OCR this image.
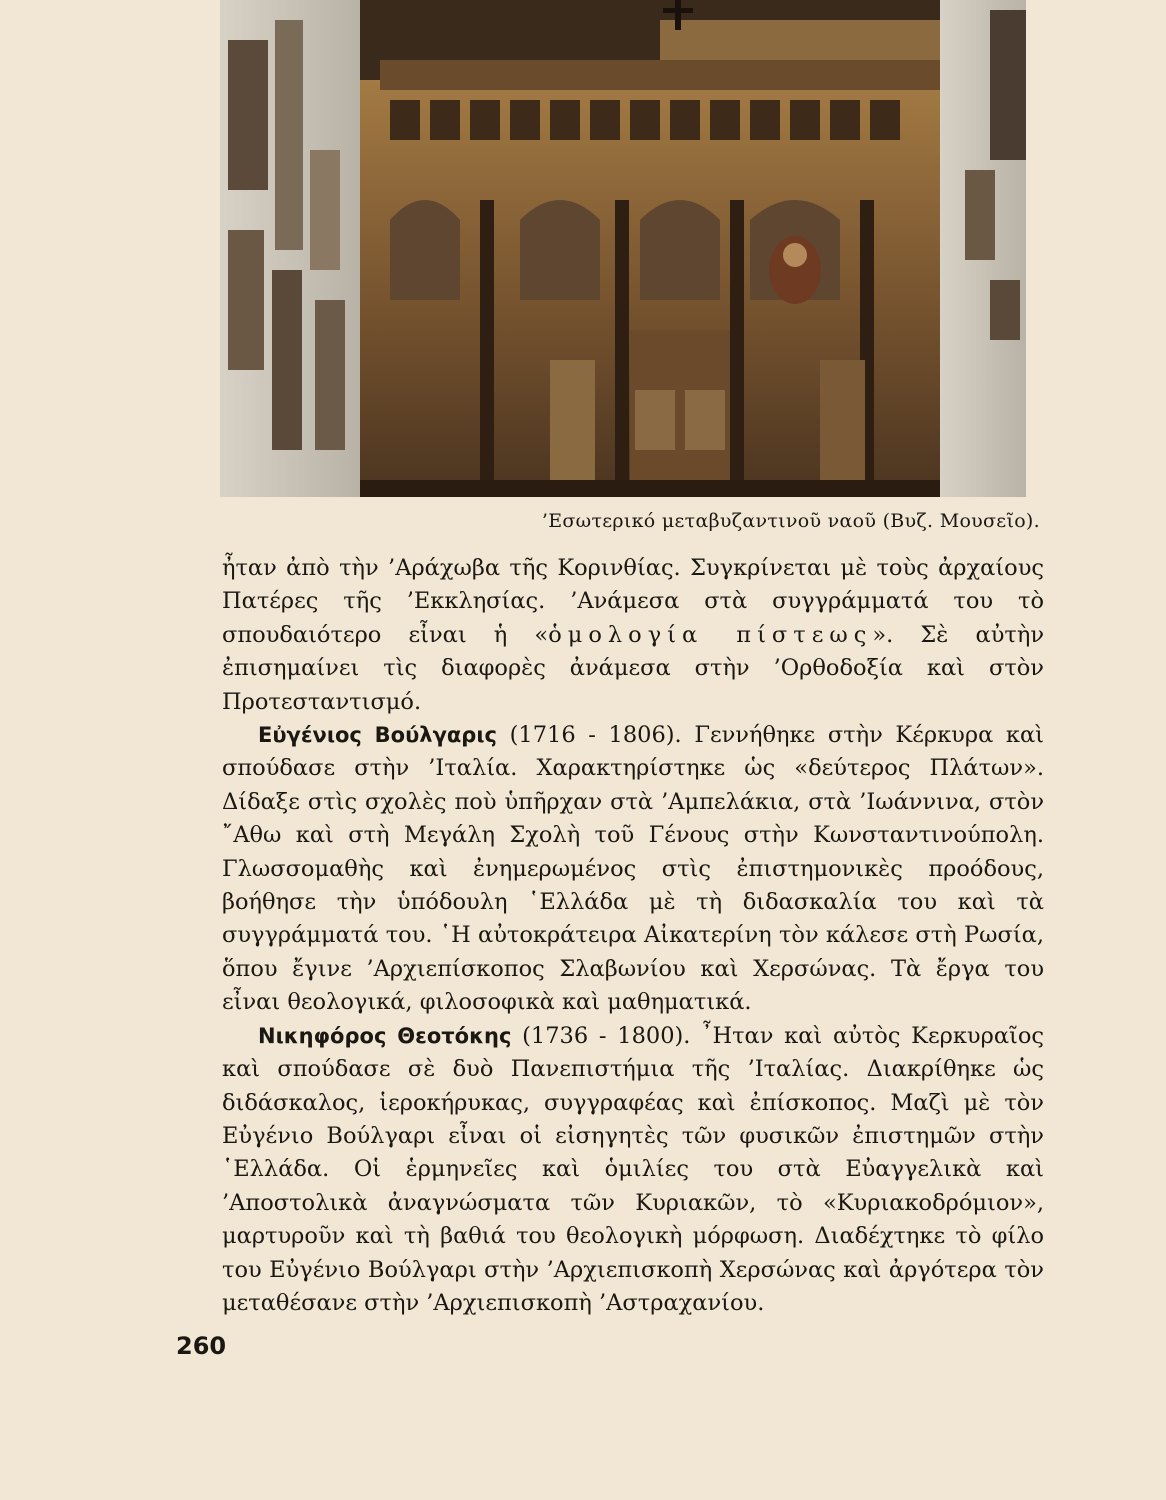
’Εσωτερικό μεταβυζαντινοῦ ναοῦ (Βυζ. Μουσεῖο).

ἦταν ἀπὸ τὴν ’Αράχωβα τῆς Κορινθίας. Συγκρίνεται μὲ τοὺς ἀρχαίους Πατέρες τῆς ’Εκκλησίας. ’Ανάμεσα στὰ συγγράμματά του τὸ σπουδαιότερο εἶναι ἡ «ὁμολογία πίστεως». Σὲ αὐτὴν ἐπισημαίνει τὶς διαφορὲς ἀνάμεσα στὴν ’Ορθοδοξία καὶ στὸν Προτεσταντισμό.

Εὐγένιος Βούλγαρις (1716 - 1806). Γεννήθηκε στὴν Κέρκυρα καὶ σπούδασε στὴν ’Ιταλία. Χαρακτηρίστηκε ὡς «δεύτερος Πλάτων». Δίδαξε στὶς σχολὲς ποὺ ὑπῆρχαν στὰ ’Αμπελάκια, στὰ ’Ιωάννινα, στὸν ῎Αθω καὶ στὴ Μεγάλη Σχολὴ τοῦ Γένους στὴν Κωνσταντινούπολη. Γλωσσομαθὴς καὶ ἐνημερωμένος στὶς ἐπιστημονικὲς προόδους, βοήθησε τὴν ὑπόδουλη ῾Ελλάδα μὲ τὴ διδασκαλία του καὶ τὰ συγγράμματά του. ῾Η αὐτοκράτειρα Αἰκατερίνη τὸν κάλεσε στὴ Ρωσία, ὅπου ἔγινε ’Αρχιεπίσκοπος Σλαβωνίου καὶ Χερσώνας. Τὰ ἔργα του εἶναι θεολογικά, φιλοσοφικὰ καὶ μαθηματικά.

Νικηφόρος Θεοτόκης (1736 - 1800). ῏Ηταν καὶ αὐτὸς Κερκυραῖος καὶ σπούδασε σὲ δυὸ Πανεπιστήμια τῆς ’Ιταλίας. Διακρίθηκε ὡς διδάσκαλος, ἱεροκήρυκας, συγγραφέας καὶ ἐπίσκοπος. Μαζὶ μὲ τὸν Εὐγένιο Βούλγαρι εἶναι οἱ εἰσηγητὲς τῶν φυσικῶν ἐπιστημῶν στὴν ῾Ελλάδα. Οἱ ἑρμηνεῖες καὶ ὁμιλίες του στὰ Εὐαγγελικὰ καὶ ’Αποστολικὰ ἀναγνώσματα τῶν Κυριακῶν, τὸ «Κυριακοδρόμιον», μαρτυροῦν καὶ τὴ βαθιά του θεολογικὴ μόρφωση. Διαδέχτηκε τὸ φίλο του Εὐγένιο Βούλγαρι στὴν ’Αρχιεπισκοπὴ Χερσώνας καὶ ἀργότερα τὸν μεταθέσανε στὴν ’Αρχιεπισκοπὴ ’Αστραχανίου.

260
